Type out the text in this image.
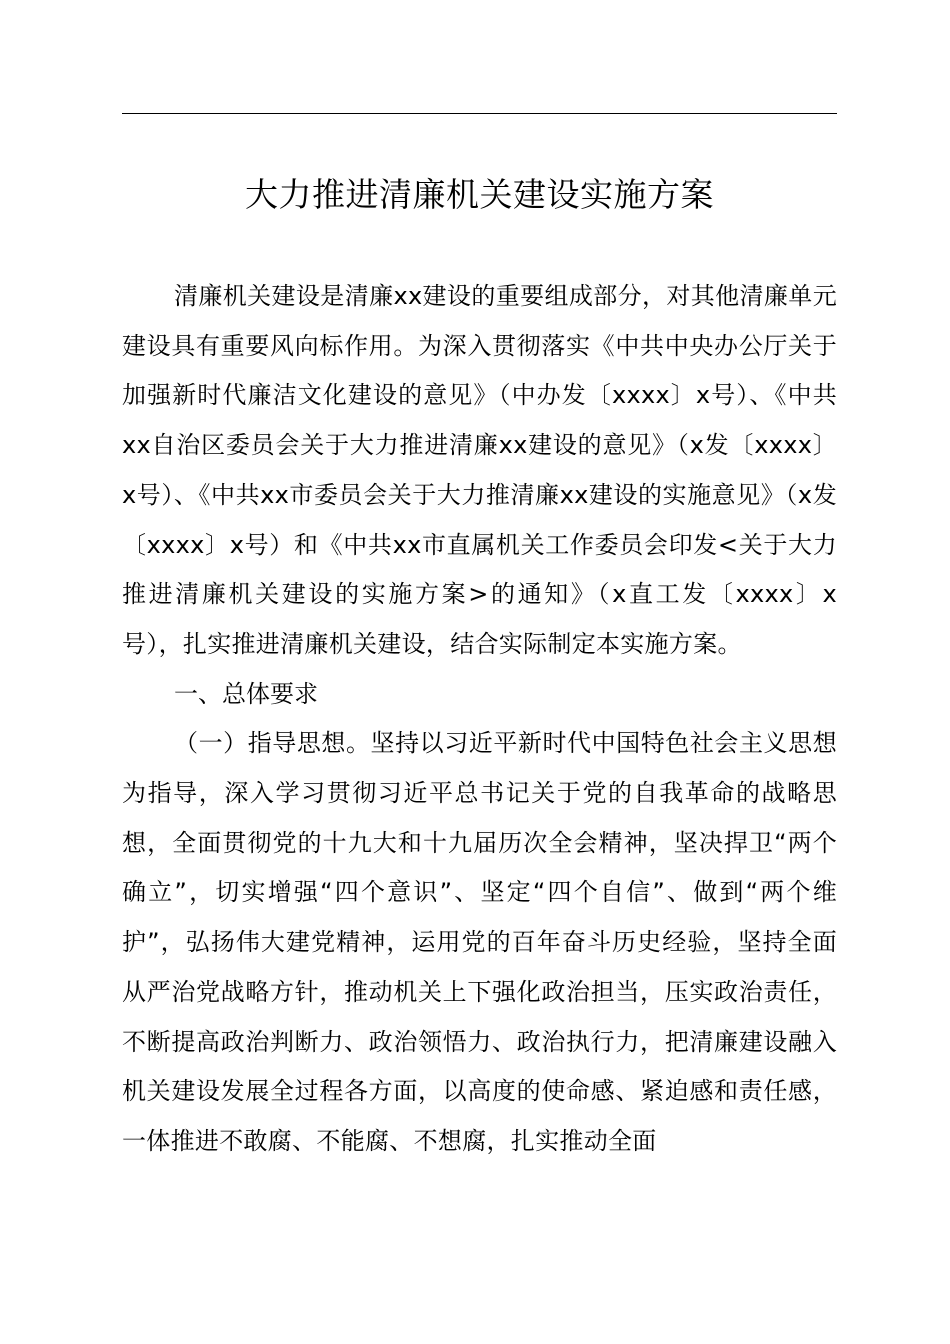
大力推进清廉机关建设实施方案

清廉机关建设是清廉xx建设的重要组成部分，对其他清廉单元建设具有重要风向标作用。为深入贯彻落实《中共中央办公厅关于加强新时代廉洁文化建设的意见》（中办发〔xxxx〕x号）、《中共xx自治区委员会关于大力推进清廉xx建设的意见》（x发〔xxxx〕x号）、《中共xx市委员会关于大力推清廉xx建设的实施意见》（x发〔xxxx〕x号）和《中共xx市直属机关工作委员会印发<关于大力推进清廉机关建设的实施方案>的通知》（x直工发〔xxxx〕x号），扎实推进清廉机关建设，结合实际制定本实施方案。

一、总体要求

（一）指导思想。坚持以习近平新时代中国特色社会主义思想为指导，深入学习贯彻习近平总书记关于党的自我革命的战略思想，全面贯彻党的十九大和十九届历次全会精神，坚决捍卫“两个确立”，切实增强“四个意识”、坚定“四个自信”、做到“两个维护”，弘扬伟大建党精神，运用党的百年奋斗历史经验，坚持全面从严治党战略方针，推动机关上下强化政治担当，压实政治责任，不断提高政治判断力、政治领悟力、政治执行力，把清廉建设融入机关建设发展全过程各方面，以高度的使命感、紧迫感和责任感，一体推进不敢腐、不能腐、不想腐，扎实推动全面
